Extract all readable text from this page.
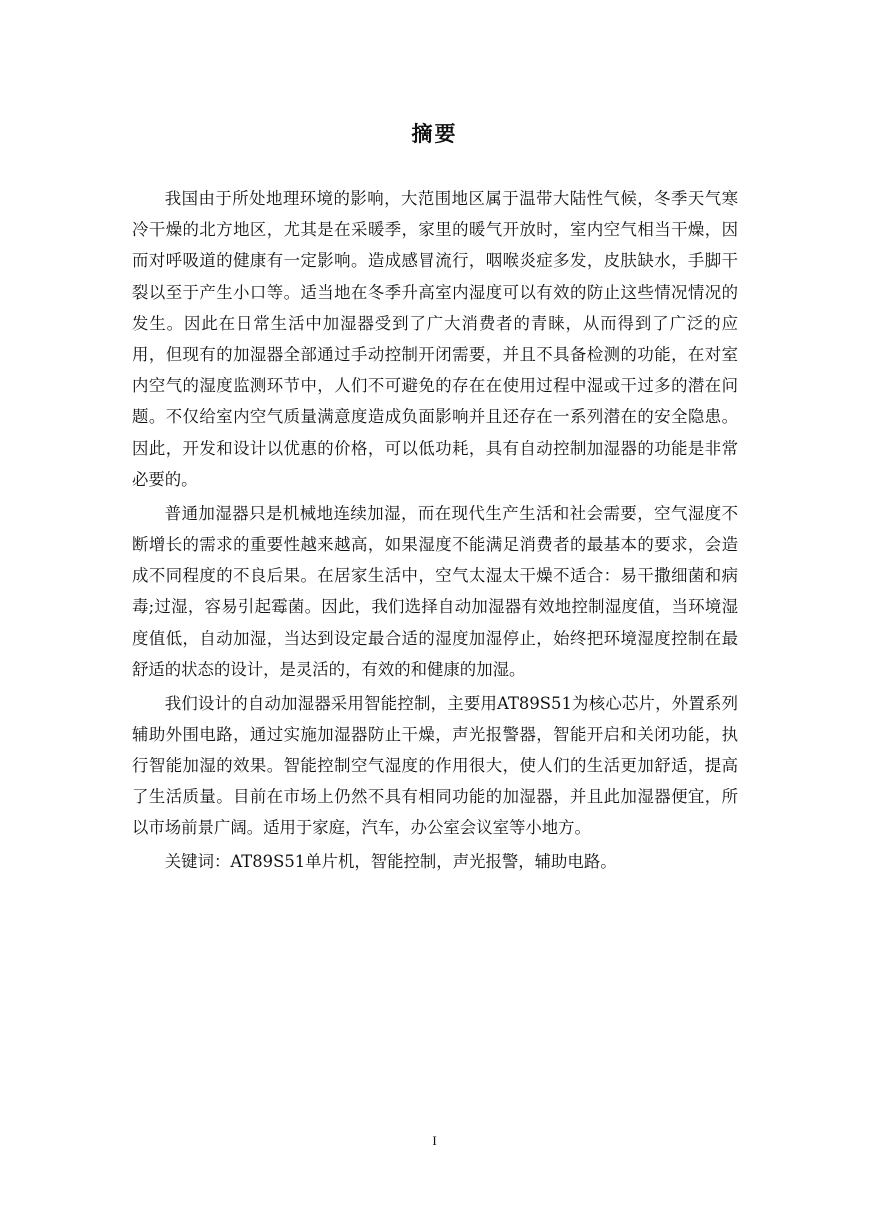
摘要

我国由于所处地理环境的影响，大范围地区属于温带大陆性气候，冬季天气寒冷干燥的北方地区，尤其是在采暖季，家里的暖气开放时，室内空气相当干燥，因而对呼吸道的健康有一定影响。造成感冒流行，咽喉炎症多发，皮肤缺水，手脚干裂以至于产生小口等。适当地在冬季升高室内湿度可以有效的防止这些情况情况的发生。因此在日常生活中加湿器受到了广大消费者的青睐，从而得到了广泛的应用，但现有的加湿器全部通过手动控制开闭需要，并且不具备检测的功能，在对室内空气的湿度监测环节中，人们不可避免的存在在使用过程中湿或干过多的潜在问题。不仅给室内空气质量满意度造成负面影响并且还存在一系列潜在的安全隐患。因此，开发和设计以优惠的价格，可以低功耗，具有自动控制加湿器的功能是非常必要的。

普通加湿器只是机械地连续加湿，而在现代生产生活和社会需要，空气湿度不断增长的需求的重要性越来越高，如果湿度不能满足消费者的最基本的要求，会造成不同程度的不良后果。在居家生活中，空气太湿太干燥不适合：易干撒细菌和病毒;过湿，容易引起霉菌。因此，我们选择自动加湿器有效地控制湿度值，当环境湿度值低，自动加湿，当达到设定最合适的湿度加湿停止，始终把环境湿度控制在最舒适的状态的设计，是灵活的，有效的和健康的加湿。

我们设计的自动加湿器采用智能控制，主要用AT89S51为核心芯片，外置系列辅助外围电路，通过实施加湿器防止干燥，声光报警器，智能开启和关闭功能，执行智能加湿的效果。智能控制空气湿度的作用很大，使人们的生活更加舒适，提高了生活质量。目前在市场上仍然不具有相同功能的加湿器，并且此加湿器便宜，所以市场前景广阔。适用于家庭，汽车，办公室会议室等小地方。

关键词：AT89S51单片机，智能控制，声光报警，辅助电路。

I
